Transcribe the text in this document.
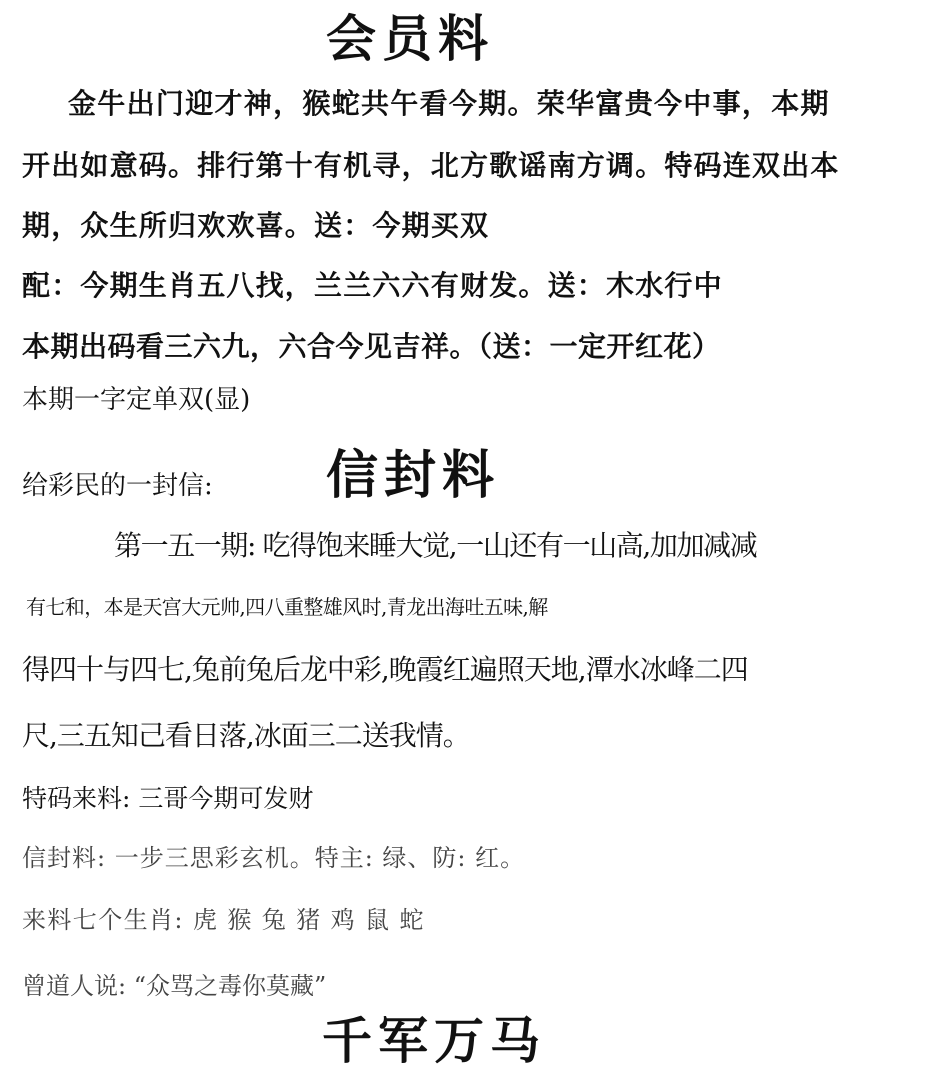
会员料
金牛出门迎才神，猴蛇共午看今期。荣华富贵今中事，本期
开出如意码。排行第十有机寻，北方歌谣南方调。特码连双出本
期，众生所归欢欢喜。送：今期买双
配：今期生肖五八找，兰兰六六有财发。送：木水行中
本期出码看三六九，六合今见吉祥。（送：一定开红花）
本期一字定单双(显)
给彩民的一封信: 信封料
第一五一期: 吃得饱来睡大觉,一山还有一山高,加加减减
有七和，本是天宫大元帅,四八重整雄风时,青龙出海吐五味,解
得四十与四七,兔前兔后龙中彩,晚霞红遍照天地,潭水冰峰二四
尺,三五知己看日落,冰面三二送我情。
特码来料: 三哥今期可发财
信封料: 一步三思彩玄机。特主: 绿、防: 红。
来料七个生肖: 虎 猴 兔 猪 鸡 鼠 蛇
曾道人说: “众骂之毒你莫藏”
千军万马
